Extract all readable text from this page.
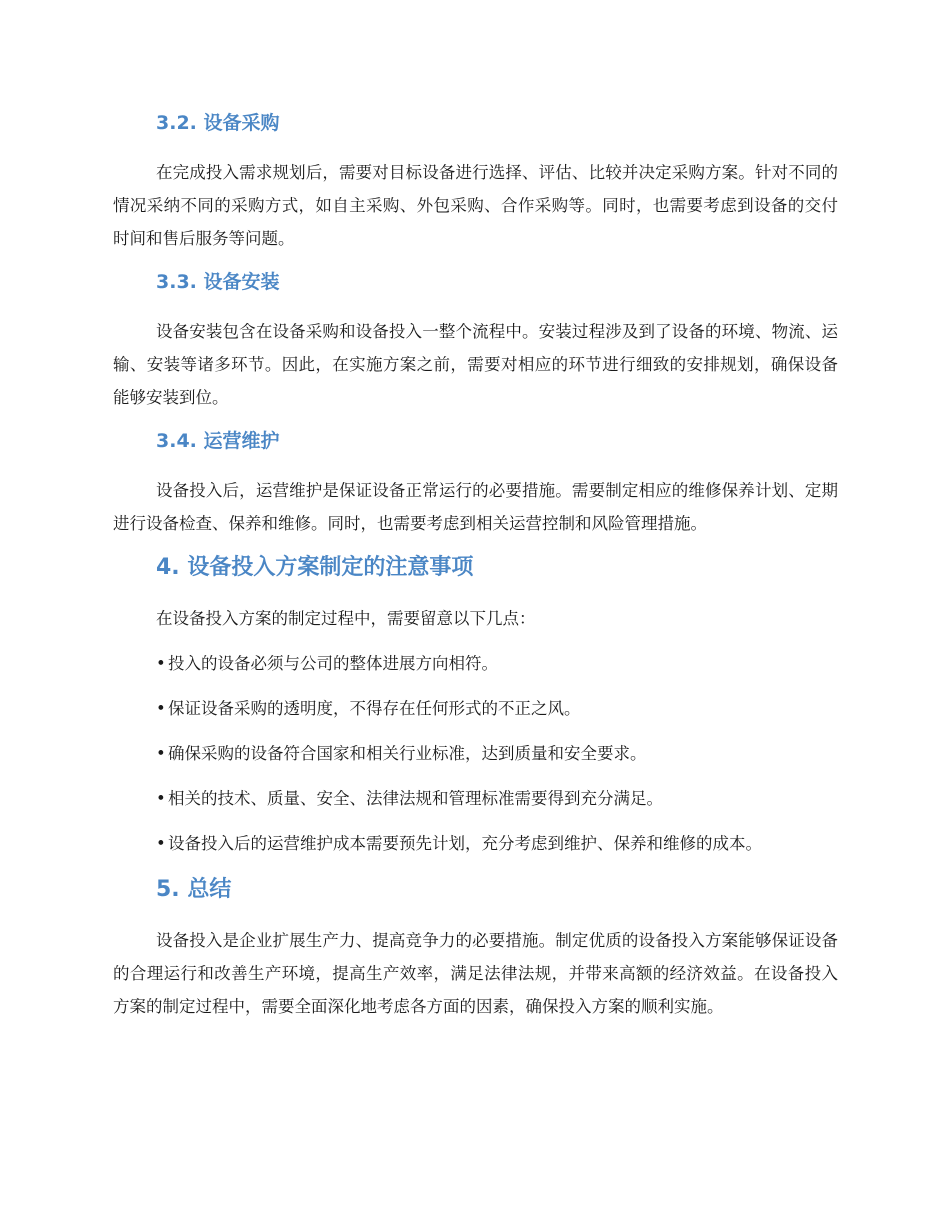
3.2. 设备采购

在完成投入需求规划后，需要对目标设备进行选择、评估、比较并决定采购方案。针对不同的情况采纳不同的采购方式，如自主采购、外包采购、合作采购等。同时，也需要考虑到设备的交付时间和售后服务等问题。

3.3. 设备安装

设备安装包含在设备采购和设备投入一整个流程中。安装过程涉及到了设备的环境、物流、运输、安装等诸多环节。因此，在实施方案之前，需要对相应的环节进行细致的安排规划，确保设备能够安装到位。

3.4. 运营维护

设备投入后，运营维护是保证设备正常运行的必要措施。需要制定相应的维修保养计划、定期进行设备检查、保养和维修。同时，也需要考虑到相关运营控制和风险管理措施。

4. 设备投入方案制定的注意事项

在设备投入方案的制定过程中，需要留意以下几点：

• 投入的设备必须与公司的整体进展方向相符。
• 保证设备采购的透明度，不得存在任何形式的不正之风。
• 确保采购的设备符合国家和相关行业标准，达到质量和安全要求。
• 相关的技术、质量、安全、法律法规和管理标准需要得到充分满足。
• 设备投入后的运营维护成本需要预先计划，充分考虑到维护、保养和维修的成本。
5. 总结

设备投入是企业扩展生产力、提高竞争力的必要措施。制定优质的设备投入方案能够保证设备的合理运行和改善生产环境，提高生产效率，满足法律法规，并带来高额的经济效益。在设备投入方案的制定过程中，需要全面深化地考虑各方面的因素，确保投入方案的顺利实施。
